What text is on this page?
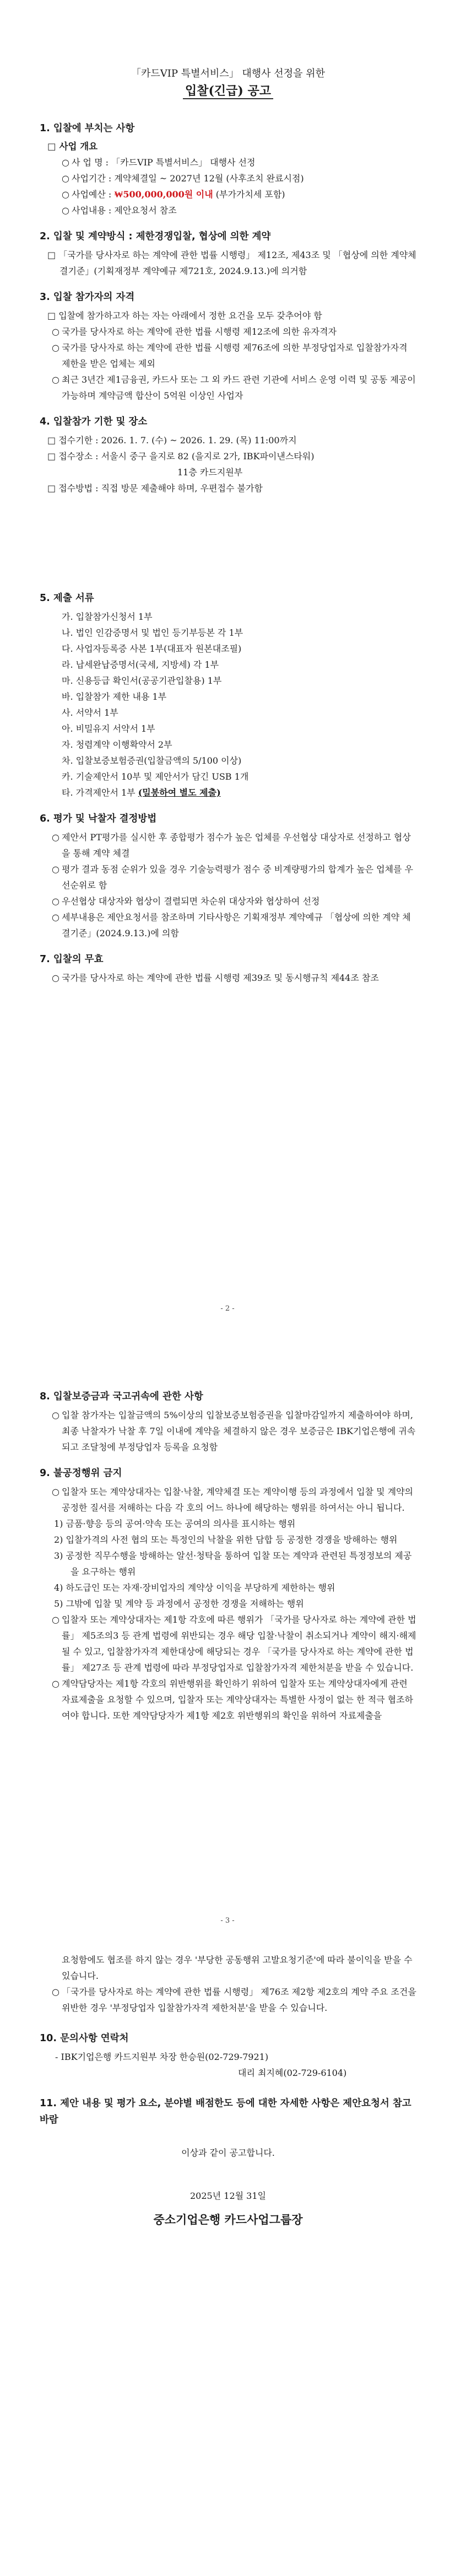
「카드VIP 특별서비스」 대행사 선정을 위한
입찰(긴급) 공고
1. 입찰에 부치는 사항
□ 사업 개요
○ 사 업 명 : 「카드VIP 특별서비스」 대행사 선정
○ 사업기간 : 계약체결일 ~ 2027년 12월 (사후조치 완료시점)
○ 사업예산 : ₩500,000,000원 이내 (부가가치세 포함)
○ 사업내용 : 제안요청서 참조
2. 입찰 및 계약방식 : 제한경쟁입찰, 협상에 의한 계약
□ 「국가를 당사자로 하는 계약에 관한 법률 시행령」 제12조, 제43조 및 「협상에 의한 계약체결기준」(기획재정부 계약예규 제721호, 2024.9.13.)에 의거함
3. 입찰 참가자의 자격
□ 입찰에 참가하고자 하는 자는 아래에서 정한 요건을 모두 갖추어야 함
○ 국가를 당사자로 하는 계약에 관한 법률 시행령 제12조에 의한 유자격자
○ 국가를 당사자로 하는 계약에 관한 법률 시행령 제76조에 의한 부정당업자로 입찰참가자격 제한을 받은 업체는 제외
○ 최근 3년간 제1금융권, 카드사 또는 그 외 카드 관련 기관에 서비스 운영 이력 및 공동 제공이 가능하며 계약금액 합산이 5억원 이상인 사업자
4. 입찰참가 기한 및 장소
□ 접수기한 : 2026. 1. 7. (수) ~ 2026. 1. 29. (목) 11:00까지
□ 접수장소 : 서울시 중구 을지로 82 (을지로 2가, IBK파이낸스타워)
11층 카드지원부
□ 접수방법 : 직접 방문 제출해야 하며, 우편접수 불가함
5. 제출 서류
가. 입찰참가신청서 1부
나. 법인 인감증명서 및 법인 등기부등본 각 1부
다. 사업자등록증 사본 1부(대표자 원본대조필)
라. 납세완납증명서(국세, 지방세) 각 1부
마. 신용등급 확인서(공공기관입찰용) 1부
바. 입찰참가 제한 내용 1부
사. 서약서 1부
아. 비밀유지 서약서 1부
자. 청렴계약 이행확약서 2부
차. 입찰보증보험증권(입찰금액의 5/100 이상)
카. 기술제안서 10부 및 제안서가 담긴 USB 1개
타. 가격제안서 1부 (밀봉하여 별도 제출)
6. 평가 및 낙찰자 결정방법
○ 제안서 PT평가를 실시한 후 종합평가 점수가 높은 업체를 우선협상 대상자로 선정하고 협상을 통해 계약 체결
○ 평가 결과 동점 순위가 있을 경우 기술능력평가 점수 중 비계량평가의 합계가 높은 업체를 우선순위로 함
○ 우선협상 대상자와 협상이 결렬되면 차순위 대상자와 협상하여 선정
○ 세부내용은 제안요청서를 참조하며 기타사항은 기획재정부 계약예규 「협상에 의한 계약 체결기준」(2024.9.13.)에 의함
7. 입찰의 무효
○ 국가를 당사자로 하는 계약에 관한 법률 시행령 제39조 및 동시행규칙 제44조 참조
- 2 -
8. 입찰보증금과 국고귀속에 관한 사항
○ 입찰 참가자는 입찰금액의 5%이상의 입찰보증보험증권을 입찰마감일까지 제출하여야 하며, 최종 낙찰자가 낙찰 후 7일 이내에 계약을 체결하지 않은 경우 보증금은 IBK기업은행에 귀속되고 조달청에 부정당업자 등록을 요청함
9. 불공정행위 금지
○ 입찰자 또는 계약상대자는 입찰·낙찰, 계약체결 또는 계약이행 등의 과정에서 입찰 및 계약의 공정한 질서를 저해하는 다음 각 호의 어느 하나에 해당하는 행위를 하여서는 아니 됩니다.
1) 금품·향응 등의 공여·약속 또는 공여의 의사를 표시하는 행위
2) 입찰가격의 사전 협의 또는 특정인의 낙찰을 위한 담합 등 공정한 경쟁을 방해하는 행위
3) 공정한 직무수행을 방해하는 알선·청탁을 통하여 입찰 또는 계약과 관련된 특정정보의 제공을 요구하는 행위
4) 하도급인 또는 자재·장비업자의 계약상 이익을 부당하게 제한하는 행위
5) 그밖에 입찰 및 계약 등 과정에서 공정한 경쟁을 저해하는 행위
○ 입찰자 또는 계약상대자는 제1항 각호에 따른 행위가 「국가를 당사자로 하는 계약에 관한 법률」 제5조의3 등 관계 법령에 위반되는 경우 해당 입찰·낙찰이 취소되거나 계약이 해지·해제될 수 있고, 입찰참가자격 제한대상에 해당되는 경우 「국가를 당사자로 하는 계약에 관한 법률」 제27조 등 관계 법령에 따라 부정당업자로 입찰참가자격 제한처분을 받을 수 있습니다.
○ 계약담당자는 제1항 각호의 위반행위를 확인하기 위하여 입찰자 또는 계약상대자에게 관련 자료제출을 요청할 수 있으며, 입찰자 또는 계약상대자는 특별한 사정이 없는 한 적극 협조하여야 합니다. 또한 계약담당자가 제1항 제2호 위반행위의 확인을 위하여 자료제출을
- 3 -
요청함에도 협조를 하지 않는 경우 '부당한 공동행위 고발요청기준'에 따라 불이익을 받을 수 있습니다.
○ 「국가를 당사자로 하는 계약에 관한 법률 시행령」 제76조 제2항 제2호의 계약 주요 조건을 위반한 경우 '부정당업자 입찰참가자격 제한처분'을 받을 수 있습니다.
10. 문의사항 연락처
- IBK기업은행 카드지원부 차장 한승원(02-729-7921)
대리 최지혜(02-729-6104)
11. 제안 내용 및 평가 요소, 분야별 배점한도 등에 대한 자세한 사항은 제안요청서 참고 바람
이상과 같이 공고합니다.
2025년 12월 31일
중소기업은행 카드사업그룹장
